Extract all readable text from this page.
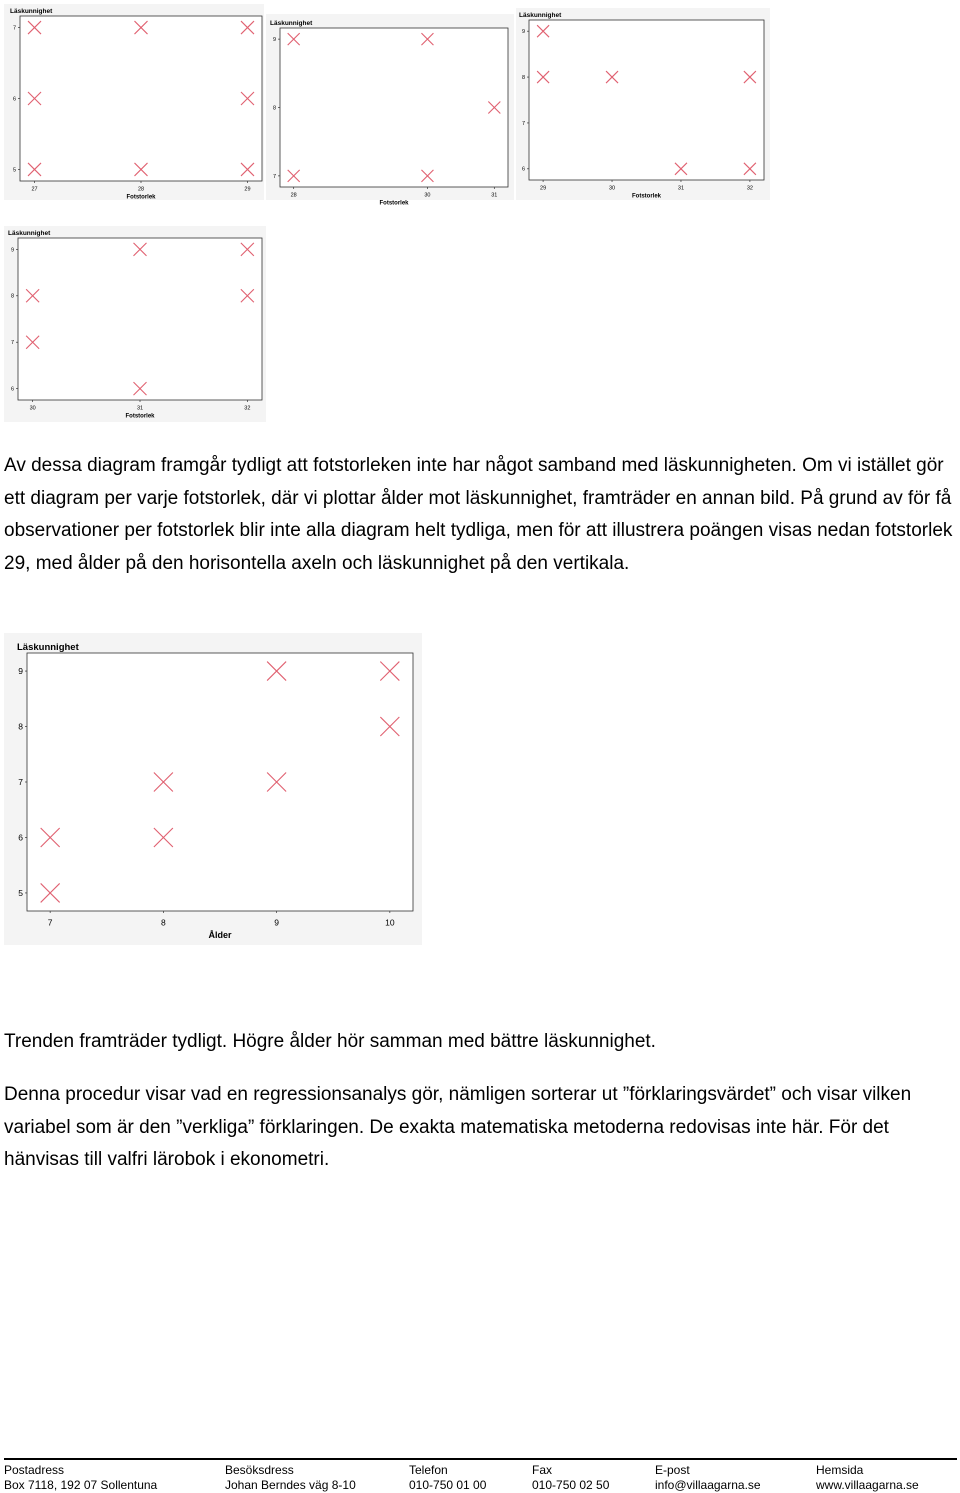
Läskunnighet
Fotstorlek
5
6
7
27	28	29
Läskunnighet
Fotstorlek
7
8
9
28	30	31
Läskunnighet
Fotstorlek
6
7
8
9
29	30	31	32
Läskunnighet
Fotstorlek
6
7
8
9
30	31	32
Läskunnighet
Ålder
5
6
7
8
9
7	8	9	10

Av dessa diagram framgår tydligt att fotstorleken inte har något samband med läskunnigheten. Om vi istället gör ett diagram per varje fotstorlek, där vi plottar ålder mot läskunnighet, framträder en annan bild. På grund av för få observationer per fotstorlek blir inte alla diagram helt tydliga, men för att illustrera poängen visas nedan fotstorlek 29, med ålder på den horisontella axeln och läskunnighet på den vertikala.

Trenden framträder tydligt. Högre ålder hör samman med bättre läskunnighet.

Denna procedur visar vad en regressionsanalys gör, nämligen sorterar ut ”förklaringsvärdet” och visar vilken variabel som är den ”verkliga” förklaringen. De exakta matematiska metoderna redovisas inte här. För det hänvisas till valfri lärobok i ekonometri.

Postadress
Box 7118, 192 07 Sollentuna
Besöksdress
Johan Berndes väg 8-10
Telefon
010-750 01 00
Fax
010-750 02 50
E-post
info@villaagarna.se
Hemsida
www.villaagarna.se
